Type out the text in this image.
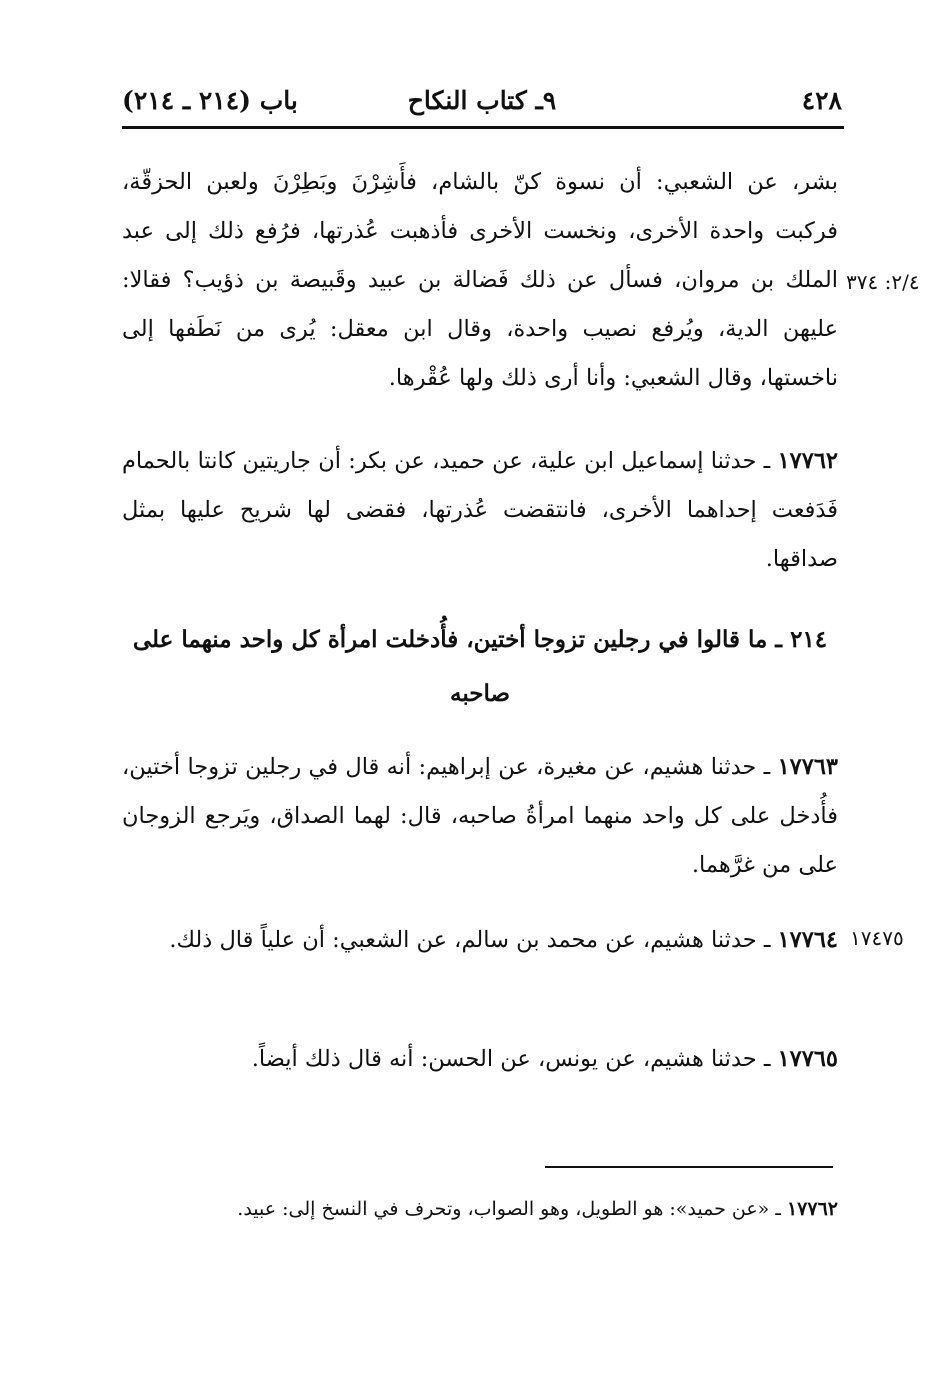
٤٢٨
٩ـ كتاب النكاح
باب (٢١٤ ـ ٢١٤)

بشر، عن الشعبي: أن نسوة كنّ بالشام، فأَشِرْنَ وبَطِرْنَ ولعبن الحزقّة، فركبت واحدة الأخرى، ونخست الأخرى فأذهبت عُذرتها، فرُفع ذلك إلى عبد الملك بن مروان، فسأل عن ذلك فَضالة بن عبيد وقَبيصة بن ذؤيب؟ فقالا: عليهن الدية، ويُرفع نصيب واحدة، وقال ابن معقل: يُرى من نَطَفها إلى ناخستها، وقال الشعبي: وأنا أرى ذلك ولها عُقْرها.

٢/٤: ٣٧٤

١٧٧٦٢ ـ حدثنا إسماعيل ابن علية، عن حميد، عن بكر: أن جاريتين كانتا بالحمام فَدَفعت إحداهما الأخرى، فانتقضت عُذرتها، فقضى لها شريح عليها بمثل صداقها.

٢١٤ ـ ما قالوا في رجلين تزوجا أختين، فأُدخلت امرأة كل واحد منهما على صاحبه

١٧٧٦٣ ـ حدثنا هشيم، عن مغيرة، عن إبراهيم: أنه قال في رجلين تزوجا أختين، فأُدخل على كل واحد منهما امرأةُ صاحبه، قال: لهما الصداق، ويَرجع الزوجان على من غرَّهما.

١٧٧٦٤ ـ حدثنا هشيم، عن محمد بن سالم، عن الشعبي: أن علياً قال ذلك.	١٧٤٧٥

١٧٧٦٥ ـ حدثنا هشيم، عن يونس، عن الحسن: أنه قال ذلك أيضاً.

١٧٧٦٢ ـ «عن حميد»: هو الطويل، وهو الصواب، وتحرف في النسخ إلى: عبيد.
